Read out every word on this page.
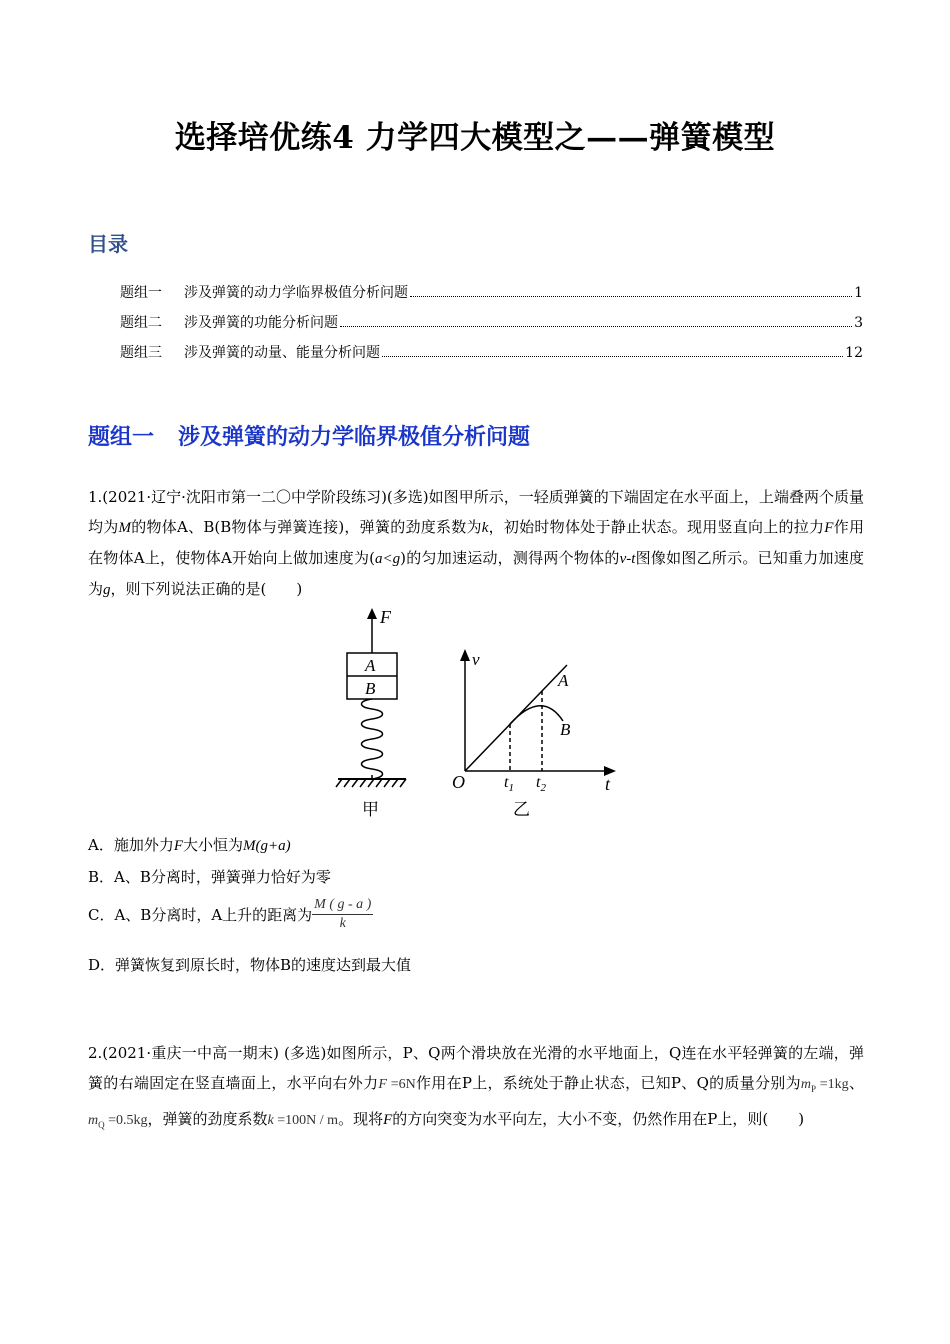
选择培优练4 力学四大模型之——弹簧模型
目录
题组一 涉及弹簧的动力学临界极值分析问题	1
题组二 涉及弹簧的功能分析问题	3
题组三 涉及弹簧的动量、能量分析问题	12
题组一 涉及弹簧的动力学临界极值分析问题
1.(2021·辽宁·沈阳市第一二〇中学阶段练习)(多选)如图甲所示，一轻质弹簧的下端固定在水平面上，上端叠两个质量均为M的物体A、B(B物体与弹簧连接)，弹簧的劲度系数为k，初始时物体处于静止状态。现用竖直向上的拉力F作用在物体A上，使物体A开始向上做加速度为(a<g)的匀加速运动，测得两个物体的v-t图像如图乙所示。已知重力加速度为g，则下列说法正确的是(　　)
F
A
B
甲
v
t
O $t_1$ $t_2$
A
B
乙
A．施加外力F大小恒为M(g+a)
B．A、B分离时，弹簧弹力恰好为零
C．A、B分离时，A上升的距离为 $\frac{M ( g - a )}{k}$
D．弹簧恢复到原长时，物体B的速度达到最大值
2.(2021·重庆一中高一期末) (多选)如图所示，P、Q两个滑块放在光滑的水平地面上，Q连在水平轻弹簧的左端，弹簧的右端固定在竖直墙面上，水平向右外力F =6N作用在P上，系统处于静止状态，已知P、Q的质量分别为$m_P =1kg$、$m_Q =0.5kg$，弹簧的劲度系数k =100N / m。现将F的方向突变为水平向左，大小不变，仍然作用在P上，则(　　)
